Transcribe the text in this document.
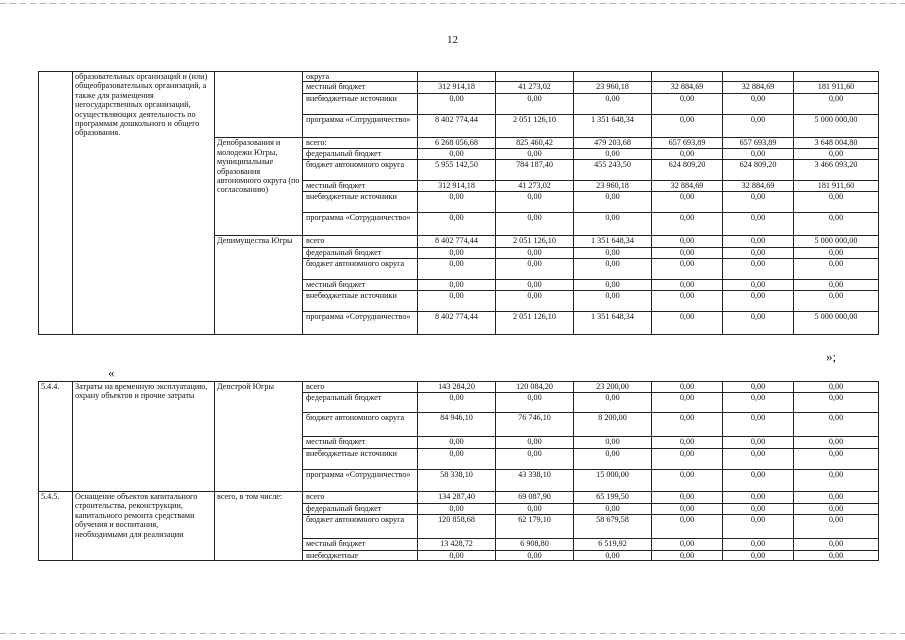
12
	образовательных организаций и (или) общеобразовательных организаций, а также для размещения негосударственных организаций, осуществляющих деятельность по программам дошкольного и общего образования.		округа						
			местный бюджет	312 914,18	41 273,02	23 960,18	32 884,69	32 884,69	181 911,60
			внебюджетные источники	0,00	0,00	0,00	0,00	0,00	0,00
			программа «Сотрудничество»	8 402 774,44	2 051 126,10	1 351 648,34	0,00	0,00	5 000 000,00
		Депобразования и молодежи Югры, муниципальные образования автономного округа (по согласованию)	всего:	6 268 056,68	825 460,42	479 203,68	657 693,89	657 693,89	3 648 004,80
			федеральный бюджет	0,00	0,00	0,00	0,00	0,00	0,00
			бюджет автономного округа	5 955 142,50	784 187,40	455 243,50	624 809,20	624 809,20	3 466 093,20
			местный бюджет	312 914,18	41 273,02	23 960,18	32 884,69	32 884,69	181 911,60
			внебюджетные источники	0,00	0,00	0,00	0,00	0,00	0,00
			программа «Сотрудничество»	0,00	0,00	0,00	0,00	0,00	0,00
		Депимущества Югры	всего	8 402 774,44	2 051 126,10	1 351 648,34	0,00	0,00	5 000 000,00
			федеральный бюджет	0,00	0,00	0,00	0,00	0,00	0,00
			бюджет автономного округа	0,00	0,00	0,00	0,00	0,00	0,00
			местный бюджет	0,00	0,00	0,00	0,00	0,00	0,00
			внебюджетные источники	0,00	0,00	0,00	0,00	0,00	0,00
			программа «Сотрудничество»	8 402 774,44	2 051 126,10	1 351 648,34	0,00	0,00	5 000 000,00
»;
«
5.4.4.	Затраты на временную эксплуатацию, охрану объектов и прочие затраты	Депстрой Югры	всего	143 284,20	120 084,20	23 200,00	0,00	0,00	0,00
			федеральный бюджет	0,00	0,00	0,00	0,00	0,00	0,00
			бюджет автономного округа	84 946,10	76 746,10	8 200,00	0,00	0,00	0,00
			местный бюджет	0,00	0,00	0,00	0,00	0,00	0,00
			внебюджетные источники	0,00	0,00	0,00	0,00	0,00	0,00
			программа «Сотрудничество»	58 338,10	43 338,10	15 000,00	0,00	0,00	0,00
5.4.5.	Оснащение объектов капитального строительства, реконструкции, капитального ремонта средствами обучения и воспитания, необходимыми для реализации	всего, в том числе:	всего	134 287,40	69 087,90	65 199,50	0,00	0,00	0,00
			федеральный бюджет	0,00	0,00	0,00	0,00	0,00	0,00
			бюджет автономного округа	120 858,68	62 179,10	58 679,58	0,00	0,00	0,00
			местный бюджет	13 428,72	6 908,80	6 519,92	0,00	0,00	0,00
			внебюджетные	0,00	0,00	0,00	0,00	0,00	0,00
